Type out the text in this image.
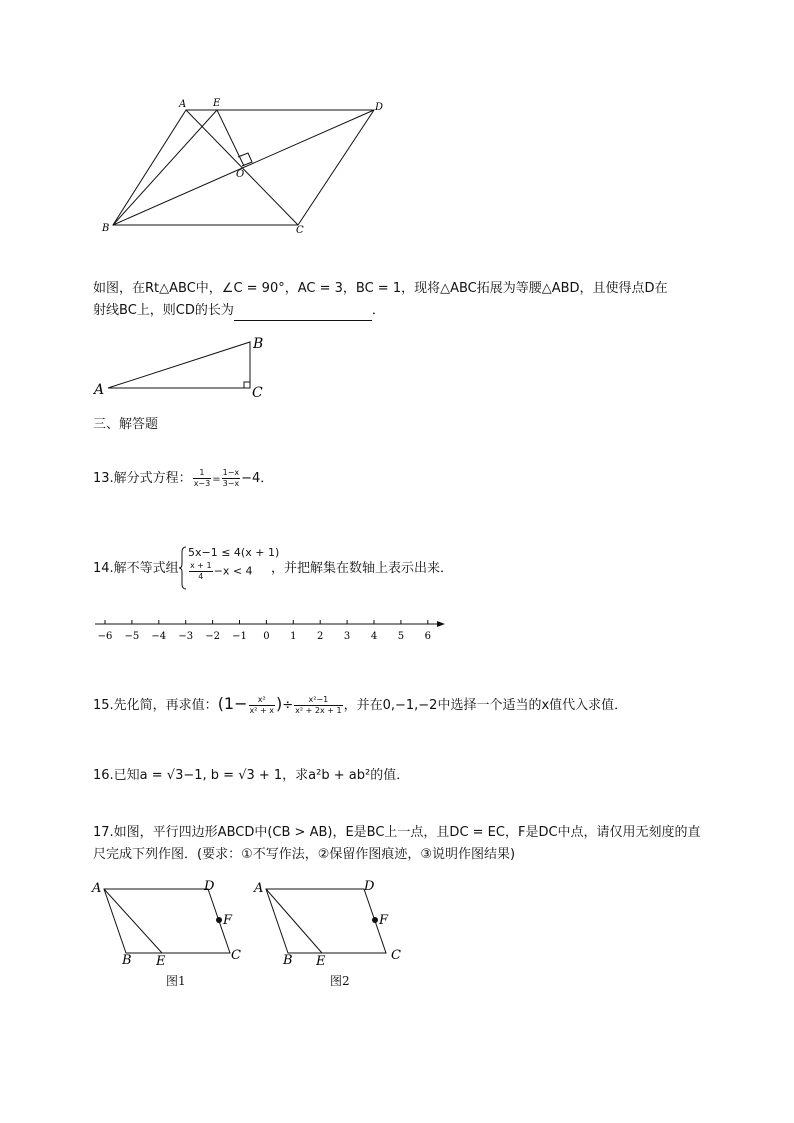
A	E	D
O
B	C
如图，在Rt△ABC中，∠C = 90°，AC = 3，BC = 1，现将△ABC拓展为等腰△ABD，且使得点D在
射线BC上，则CD的长为	．
A
B
C
三、解答题
13.解分式方程： $\frac{1}{x-3} = \frac{1-x}{3-x} -4$．
14.解不等式组
5x−1 ≤ 4(x + 1)
$\frac{x + 1}{4} -x < 4$ ，并把解集在数轴上表示出来．
−6 −5 −4 −3 −2 −1 0 1 2 3 4 5 6
15.先化简，再求值：($1- \frac{\text{x²}}{\text{x² + x}}$ )÷ $\frac{\text{x²−1}}{\text{x² + 2x + 1}}$ ，并在0,−1,−2中选择一个适当的x值代入求值．
16.已知a = √3−1, b = √3 + 1，求a²b + ab²的值．
17.如图，平行四边形ABCD中(CB > AB)，E是BC上一点，且DC = EC，F是DC中点，请仅用无刻度的直
尺完成下列作图．(要求：①不写作法，②保留作图痕迹，③说明作图结果)
A	D
F
B E	C
图1
A	D
F
B E	C
图2
